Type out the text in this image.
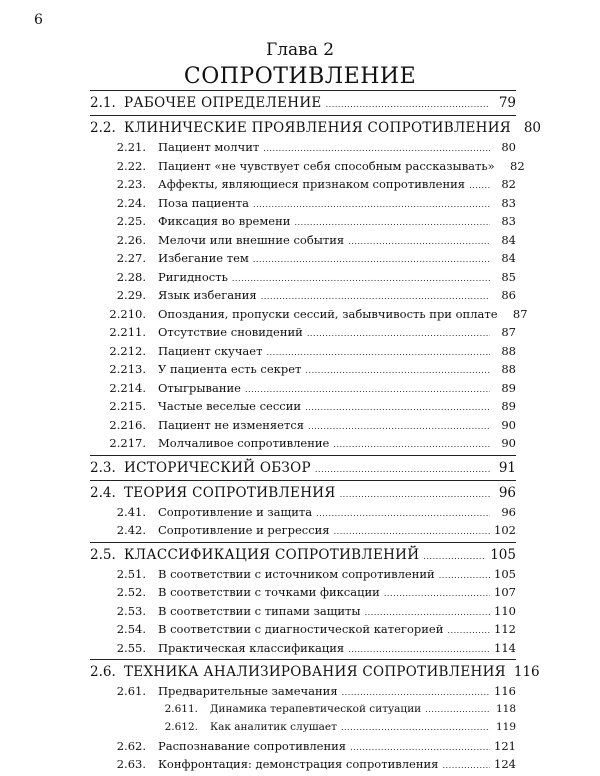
6
Глава 2
СОПРОТИВЛЕНИЕ
2.1. РАБОЧЕЕ ОПРЕДЕЛЕНИЕ . . .	79
2.2. КЛИНИЧЕСКИЕ ПРОЯВЛЕНИЯ СОПРОТИВЛЕНИЯ 80
2.21. Пациент молчит . . .	80
2.22. Пациент «не чувствует себя способным рассказывать»	82
2.23. Аффекты, являющиеся признаком сопротивления . . .	82
2.24. Поза пациента . . .	83
2.25. Фиксация во времени . . .	83
2.26. Мелочи или внешние события . . .	84
2.27. Избегание тем . . .	84
2.28. Ригидность . . .	85
2.29. Язык избегания . . .	86
2.210. Опоздания, пропуски сессий, забывчивость при оплате	87
2.211. Отсутствие сновидений . . .	87
2.212. Пациент скучает . . .	88
2.213. У пациента есть секрет . . .	88
2.214. Отыгрывание . . .	89
2.215. Частые веселые сессии . . .	89
2.216. Пациент не изменяется . . .	90
2.217. Молчаливое сопротивление . . .	90
2.3. ИСТОРИЧЕСКИЙ ОБЗОР . . .	91
2.4. ТЕОРИЯ СОПРОТИВЛЕНИЯ . . .	96
2.41. Сопротивление и защита . . .	96
2.42. Сопротивление и регрессия . . .	102
2.5. КЛАССИФИКАЦИЯ СОПРОТИВЛЕНИЙ . . .	105
2.51. В соответствии с источником сопротивлений . . .	105
2.52. В соответствии с точками фиксации . . .	107
2.53. В соответствии с типами защиты . . .	110
2.54. В соответствии с диагностической категорией . . .	112
2.55. Практическая классификация . . .	114
2.6. ТЕХНИКА АНАЛИЗИРОВАНИЯ СОПРОТИВЛЕНИЯ 116
2.61. Предварительные замечания . . .	116
2.611. Динамика терапевтической ситуации . . .	118
2.612. Как аналитик слушает . . .	119
2.62. Распознавание сопротивления . . .	121
2.63. Конфронтация: демонстрация сопротивления . . .	124
